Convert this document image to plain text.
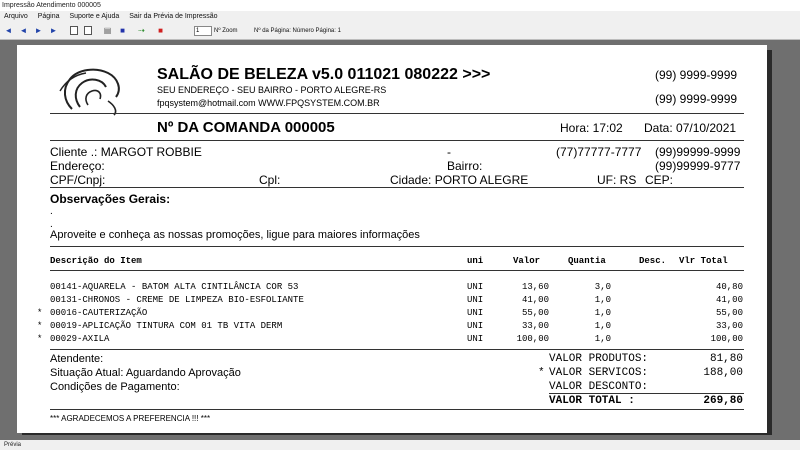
Impressão Atendimento 000005
Arquivo Página Suporte e Ajuda Sair da Prévia de Impressão
◄ ◄ ► ►	▤ ■ ⇢ ■	1	Nº Zoom	Nº da Página: Número Página: 1
SALÃO DE BELEZA v5.0 011021 080222 >>>
SEU ENDEREÇO - SEU BAIRRO - PORTO ALEGRE-RS
fpqsystem@hotmail.com WWW.FPQSYSTEM.COM.BR
(99) 9999-9999
(99) 9999-9999
Nº DA COMANDA 000005	Hora: 17:02 Data: 07/10/2021
Cliente .: MARGOT ROBBIE	-	(77)77777-7777 (99)99999-9999
Endereço:	Bairro:	(99)99999-9777
CPF/Cnpj:	Cpl:	Cidade: PORTO ALEGRE	UF: RS CEP:
Observações Gerais:
.
.
Aproveite e conheça as nossas promoções, ligue para maiores informações
Descrição do Item	uni	Valor	Quantia	Desc. Vlr Total
00141-AQUARELA - BATOM ALTA CINTILÂNCIA COR 53	UNI	13,60	3,0	40,80
00131-CHRONOS - CREME DE LIMPEZA BIO-ESFOLIANTE	UNI	41,00	1,0	41,00
* 00016-CAUTERIZAÇÃO	UNI	55,00	1,0	55,00
* 00019-APLICAÇÃO TINTURA COM 01 TB VITA DERM	UNI	33,00	1,0	33,00
* 00029-AXILA	UNI	100,00	1,0	100,00
Atendente:
Situação Atual: Aguardando Aprovação
Condições de Pagamento:
VALOR PRODUTOS:	81,80
* VALOR SERVICOS:	188,00
VALOR DESCONTO:
VALOR TOTAL :	269,80
*** AGRADECEMOS A PREFERENCIA !!! ***
Prévia
